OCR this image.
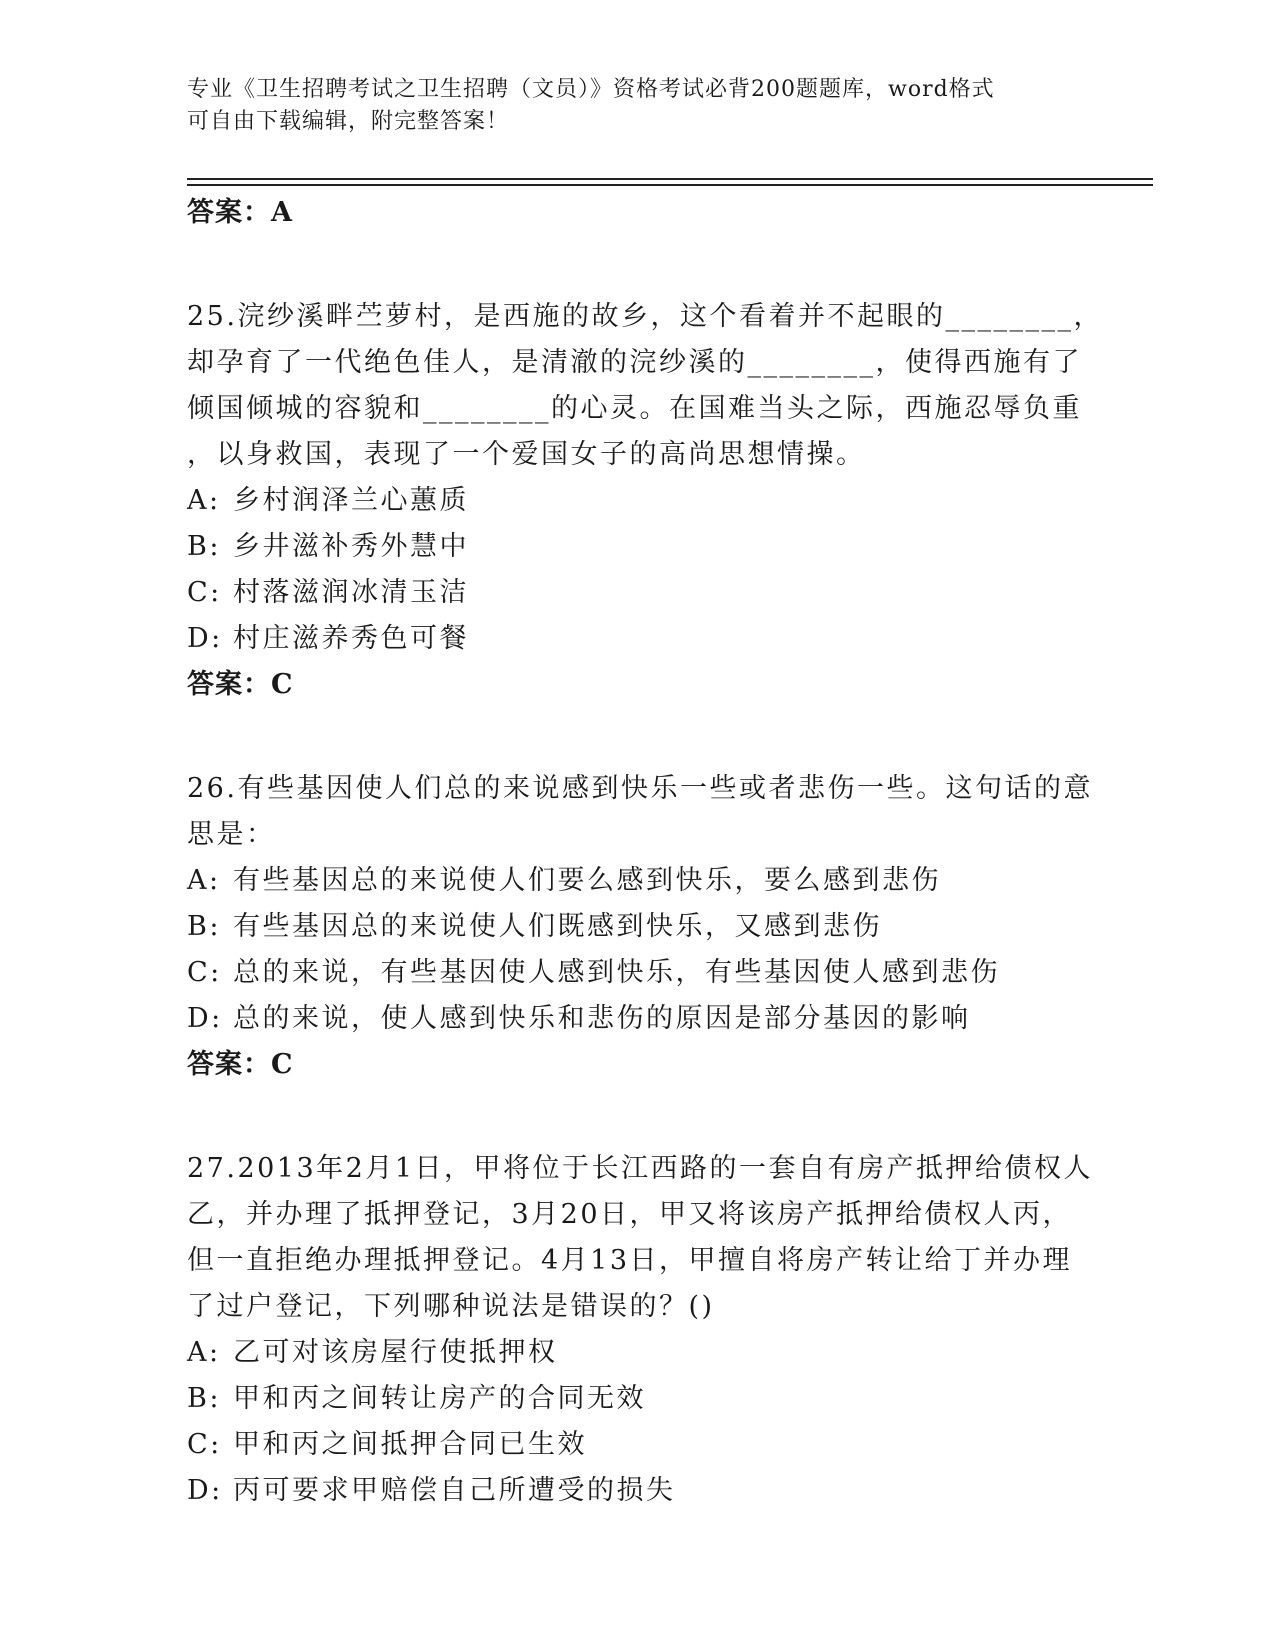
专业《卫生招聘考试之卫生招聘（文员）》资格考试必背200题题库，word格式
可自由下载编辑，附完整答案！
答案：A
25.浣纱溪畔苎萝村，是西施的故乡，这个看着并不起眼的________，
却孕育了一代绝色佳人，是清澈的浣纱溪的________，使得西施有了
倾国倾城的容貌和________的心灵。在国难当头之际，西施忍辱负重
，以身救国，表现了一个爱国女子的高尚思想情操。
A: 乡村润泽兰心蕙质
B: 乡井滋补秀外慧中
C: 村落滋润冰清玉洁
D: 村庄滋养秀色可餐
答案：C
26.有些基因使人们总的来说感到快乐一些或者悲伤一些。这句话的意
思是：
A: 有些基因总的来说使人们要么感到快乐，要么感到悲伤
B: 有些基因总的来说使人们既感到快乐，又感到悲伤
C: 总的来说，有些基因使人感到快乐，有些基因使人感到悲伤
D: 总的来说，使人感到快乐和悲伤的原因是部分基因的影响
答案：C
27.2013年2月1日，甲将位于长江西路的一套自有房产抵押给债权人
乙，并办理了抵押登记，3月20日，甲又将该房产抵押给债权人丙，
但一直拒绝办理抵押登记。4月13日，甲擅自将房产转让给丁并办理
了过户登记，下列哪种说法是错误的？()
A: 乙可对该房屋行使抵押权
B: 甲和丙之间转让房产的合同无效
C: 甲和丙之间抵押合同已生效
D: 丙可要求甲赔偿自己所遭受的损失
